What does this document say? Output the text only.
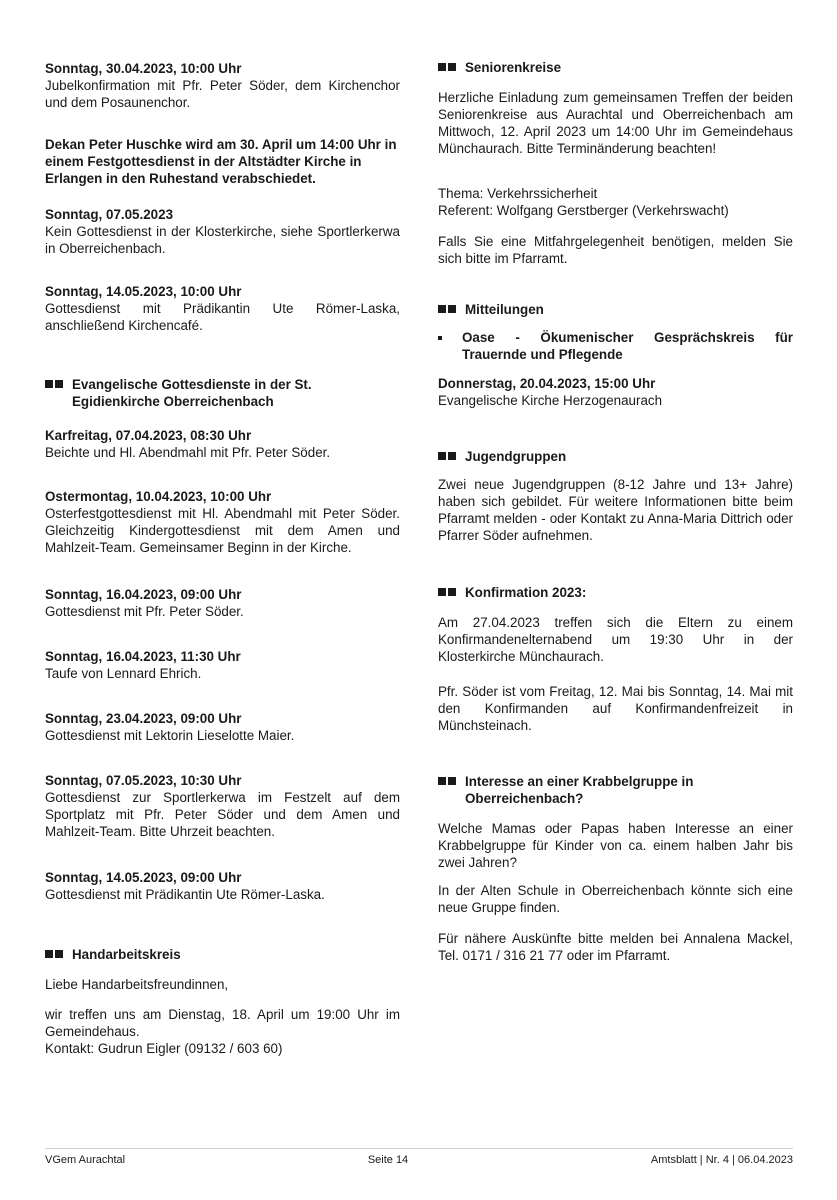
Sonntag, 30.04.2023, 10:00 Uhr
Jubelkonfirmation mit Pfr. Peter Söder, dem Kirchenchor und dem Posaunenchor.
Dekan Peter Huschke wird am 30. April um 14:00 Uhr in einem Festgottesdienst in der Altstädter Kirche in Erlangen in den Ruhestand verabschiedet.
Sonntag, 07.05.2023
Kein Gottesdienst in der Klosterkirche, siehe Sportlerkerwa in Oberreichenbach.
Sonntag, 14.05.2023, 10:00 Uhr
Gottesdienst mit Prädikantin Ute Römer-Laska, anschließend Kirchencafé.
Evangelische Gottesdienste in der St. Egidienkirche Oberreichenbach
Karfreitag, 07.04.2023, 08:30 Uhr
Beichte und Hl. Abendmahl mit Pfr. Peter Söder.
Ostermontag, 10.04.2023, 10:00 Uhr
Osterfestgottesdienst mit Hl. Abendmahl mit Peter Söder. Gleichzeitig Kindergottesdienst mit dem Amen und Mahlzeit-Team. Gemeinsamer Beginn in der Kirche.
Sonntag, 16.04.2023, 09:00 Uhr
Gottesdienst mit Pfr. Peter Söder.
Sonntag, 16.04.2023, 11:30 Uhr
Taufe von Lennard Ehrich.
Sonntag, 23.04.2023, 09:00 Uhr
Gottesdienst mit Lektorin Lieselotte Maier.
Sonntag, 07.05.2023, 10:30 Uhr
Gottesdienst zur Sportlerkerwa im Festzelt auf dem Sportplatz mit Pfr. Peter Söder und dem Amen und Mahlzeit-Team. Bitte Uhrzeit beachten.
Sonntag, 14.05.2023, 09:00 Uhr
Gottesdienst mit Prädikantin Ute Römer-Laska.
Handarbeitskreis
Liebe Handarbeitsfreundinnen,
wir treffen uns am Dienstag, 18. April um 19:00 Uhr im Gemeindehaus.
Kontakt: Gudrun Eigler (09132 / 603 60)
Seniorenkreise
Herzliche Einladung zum gemeinsamen Treffen der beiden Seniorenkreise aus Aurachtal und Oberreichenbach am Mittwoch, 12. April 2023 um 14:00 Uhr im Gemeindehaus Münchaurach. Bitte Terminänderung beachten!
Thema: Verkehrssicherheit
Referent: Wolfgang Gerstberger (Verkehrswacht)
Falls Sie eine Mitfahrgelegenheit benötigen, melden Sie sich bitte im Pfarramt.
Mitteilungen
Oase - Ökumenischer Gesprächskreis für Trauernde und Pflegende
Donnerstag, 20.04.2023, 15:00 Uhr
Evangelische Kirche Herzogenaurach
Jugendgruppen
Zwei neue Jugendgruppen (8-12 Jahre und 13+ Jahre) haben sich gebildet. Für weitere Informationen bitte beim Pfarramt melden - oder Kontakt zu Anna-Maria Dittrich oder Pfarrer Söder aufnehmen.
Konfirmation 2023:
Am 27.04.2023 treffen sich die Eltern zu einem Konfirmandenelternabend um 19:30 Uhr in der Klosterkirche Münchaurach.
Pfr. Söder ist vom Freitag, 12. Mai bis Sonntag, 14. Mai mit den Konfirmanden auf Konfirmandenfreizeit in Münchsteinach.
Interesse an einer Krabbelgruppe in Oberreichenbach?
Welche Mamas oder Papas haben Interesse an einer Krabbelgruppe für Kinder von ca. einem halben Jahr bis zwei Jahren?
In der Alten Schule in Oberreichenbach könnte sich eine neue Gruppe finden.
Für nähere Auskünfte bitte melden bei Annalena Mackel, Tel. 0171 / 316 21 77 oder im Pfarramt.
VGem Aurachtal	Seite 14	Amtsblatt | Nr. 4 | 06.04.2023
